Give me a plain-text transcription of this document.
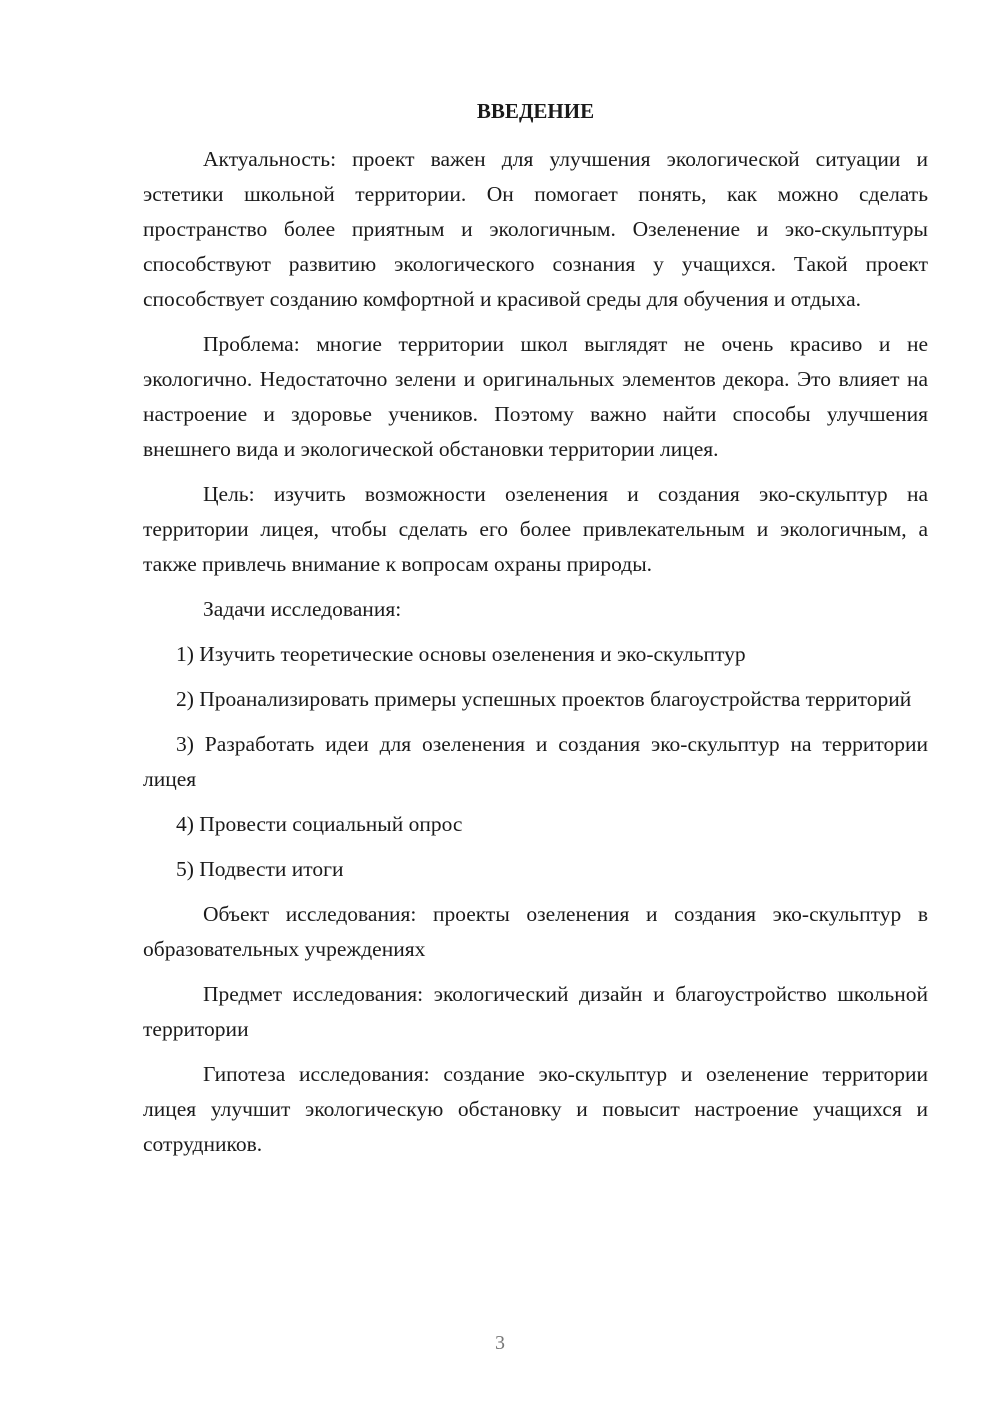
ВВЕДЕНИЕ

Актуальность: проект важен для улучшения экологической ситуации и эстетики школьной территории. Он помогает понять, как можно сделать пространство более приятным и экологичным. Озеленение и эко-скульптуры способствуют развитию экологического сознания у учащихся. Такой проект способствует созданию комфортной и красивой среды для обучения и отдыха.

Проблема: многие территории школ выглядят не очень красиво и не экологично. Недостаточно зелени и оригинальных элементов декора. Это влияет на настроение и здоровье учеников. Поэтому важно найти способы улучшения внешнего вида и экологической обстановки территории лицея.

Цель: изучить возможности озеленения и создания эко-скульптур на территории лицея, чтобы сделать его более привлекательным и экологичным, а также привлечь внимание к вопросам охраны природы.

Задачи исследования:

1) Изучить теоретические основы озеленения и эко-скульптур

2) Проанализировать примеры успешных проектов благоустройства территорий

3) Разработать идеи для озеленения и создания эко-скульптур на территории лицея

4) Провести социальный опрос

5) Подвести итоги

Объект исследования: проекты озеленения и создания эко-скульптур в образовательных учреждениях

Предмет исследования: экологический дизайн и благоустройство школьной территории

Гипотеза исследования: создание эко-скульптур и озеленение территории лицея улучшит экологическую обстановку и повысит настроение учащихся и сотрудников.

3
